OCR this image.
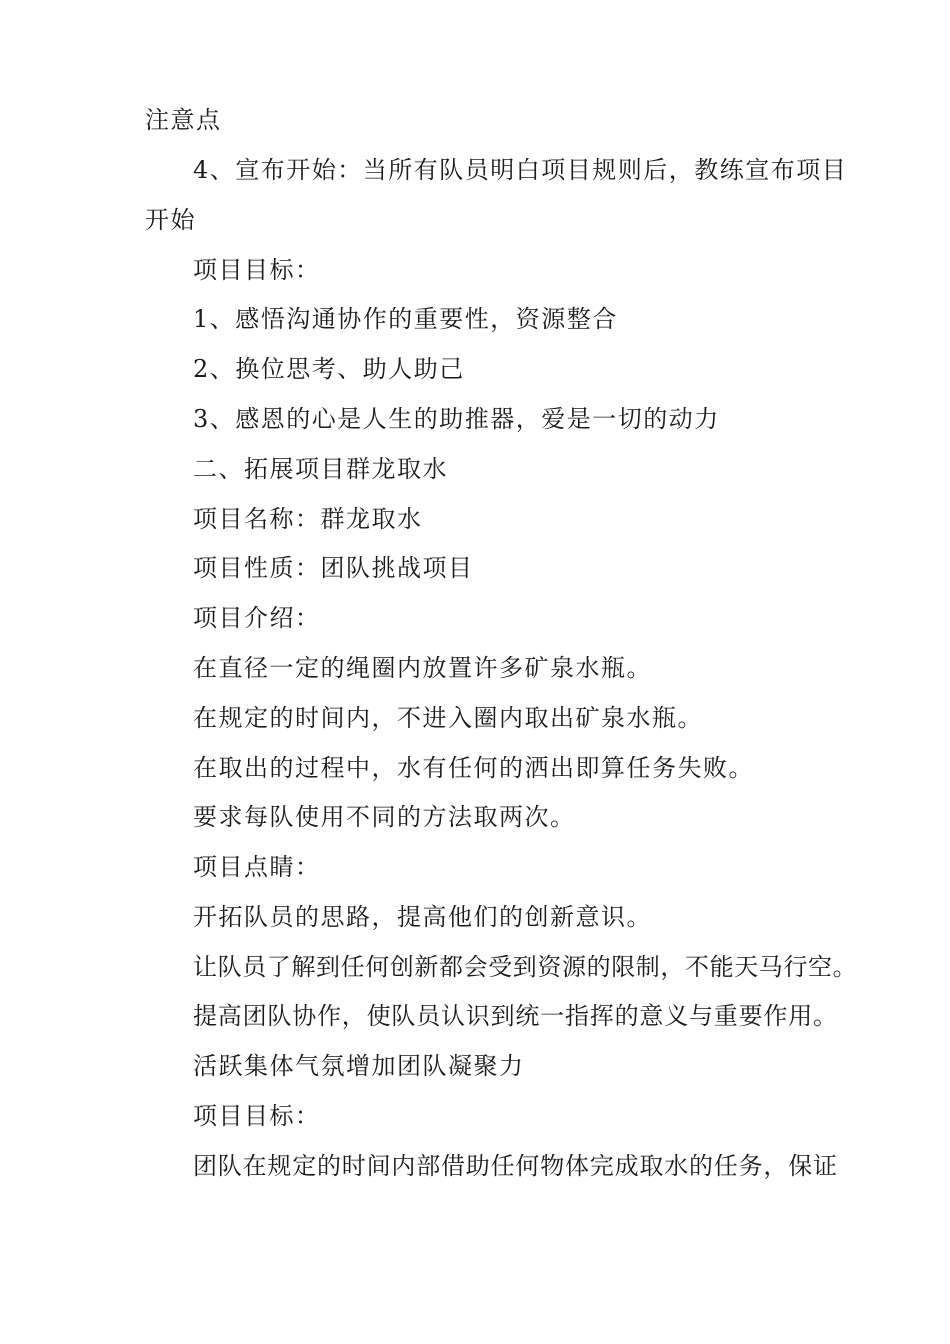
注意点
4、宣布开始：当所有队员明白项目规则后，教练宣布项目
开始
项目目标：
1、感悟沟通协作的重要性，资源整合
2、换位思考、助人助己
3、感恩的心是人生的助推器，爱是一切的动力
二、拓展项目群龙取水
项目名称：群龙取水
项目性质：团队挑战项目
项目介绍：
在直径一定的绳圈内放置许多矿泉水瓶。
在规定的时间内，不进入圈内取出矿泉水瓶。
在取出的过程中，水有任何的洒出即算任务失败。
要求每队使用不同的方法取两次。
项目点睛：
开拓队员的思路，提高他们的创新意识。
让队员了解到任何创新都会受到资源的限制，不能天马行空。
提高团队协作，使队员认识到统一指挥的意义与重要作用。
活跃集体气氛增加团队凝聚力
项目目标：
团队在规定的时间内部借助任何物体完成取水的任务，保证
